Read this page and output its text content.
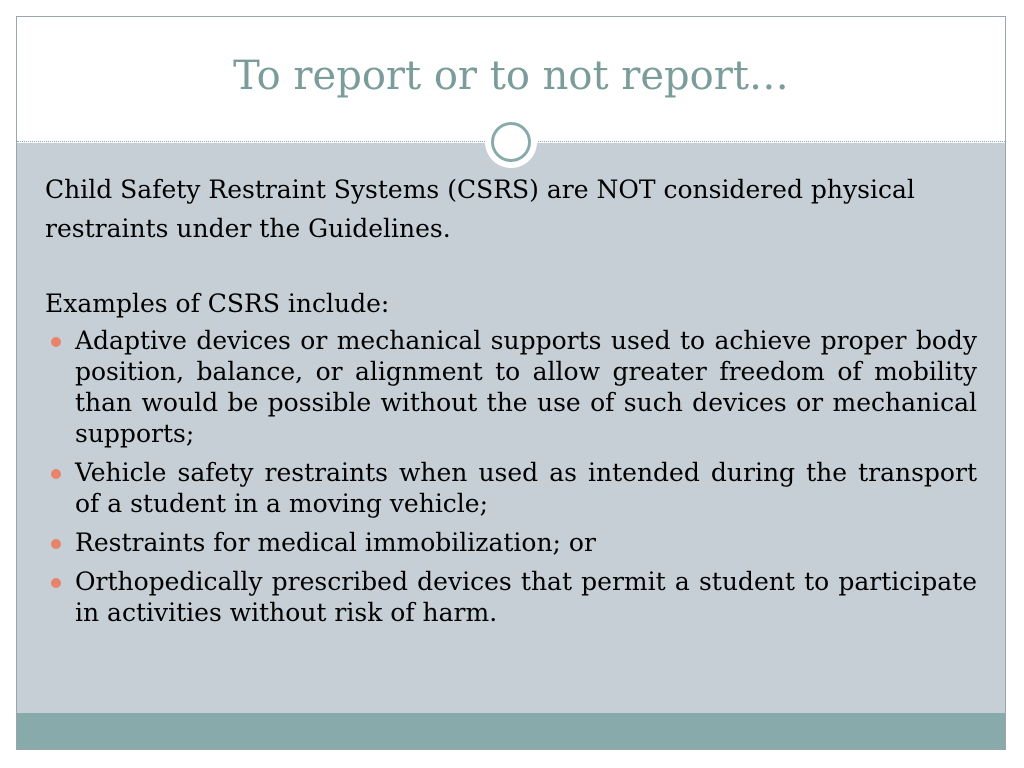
To report or to not report…

Child Safety Restraint Systems (CSRS) are NOT considered physical restraints under the Guidelines.

Examples of CSRS include:

Adaptive devices or mechanical supports used to achieve proper body position, balance, or alignment to allow greater freedom of mobility than would be possible without the use of such devices or mechanical supports;
Vehicle safety restraints when used as intended during the transport of a student in a moving vehicle;
Restraints for medical immobilization; or
Orthopedically prescribed devices that permit a student to participate in activities without risk of harm.
